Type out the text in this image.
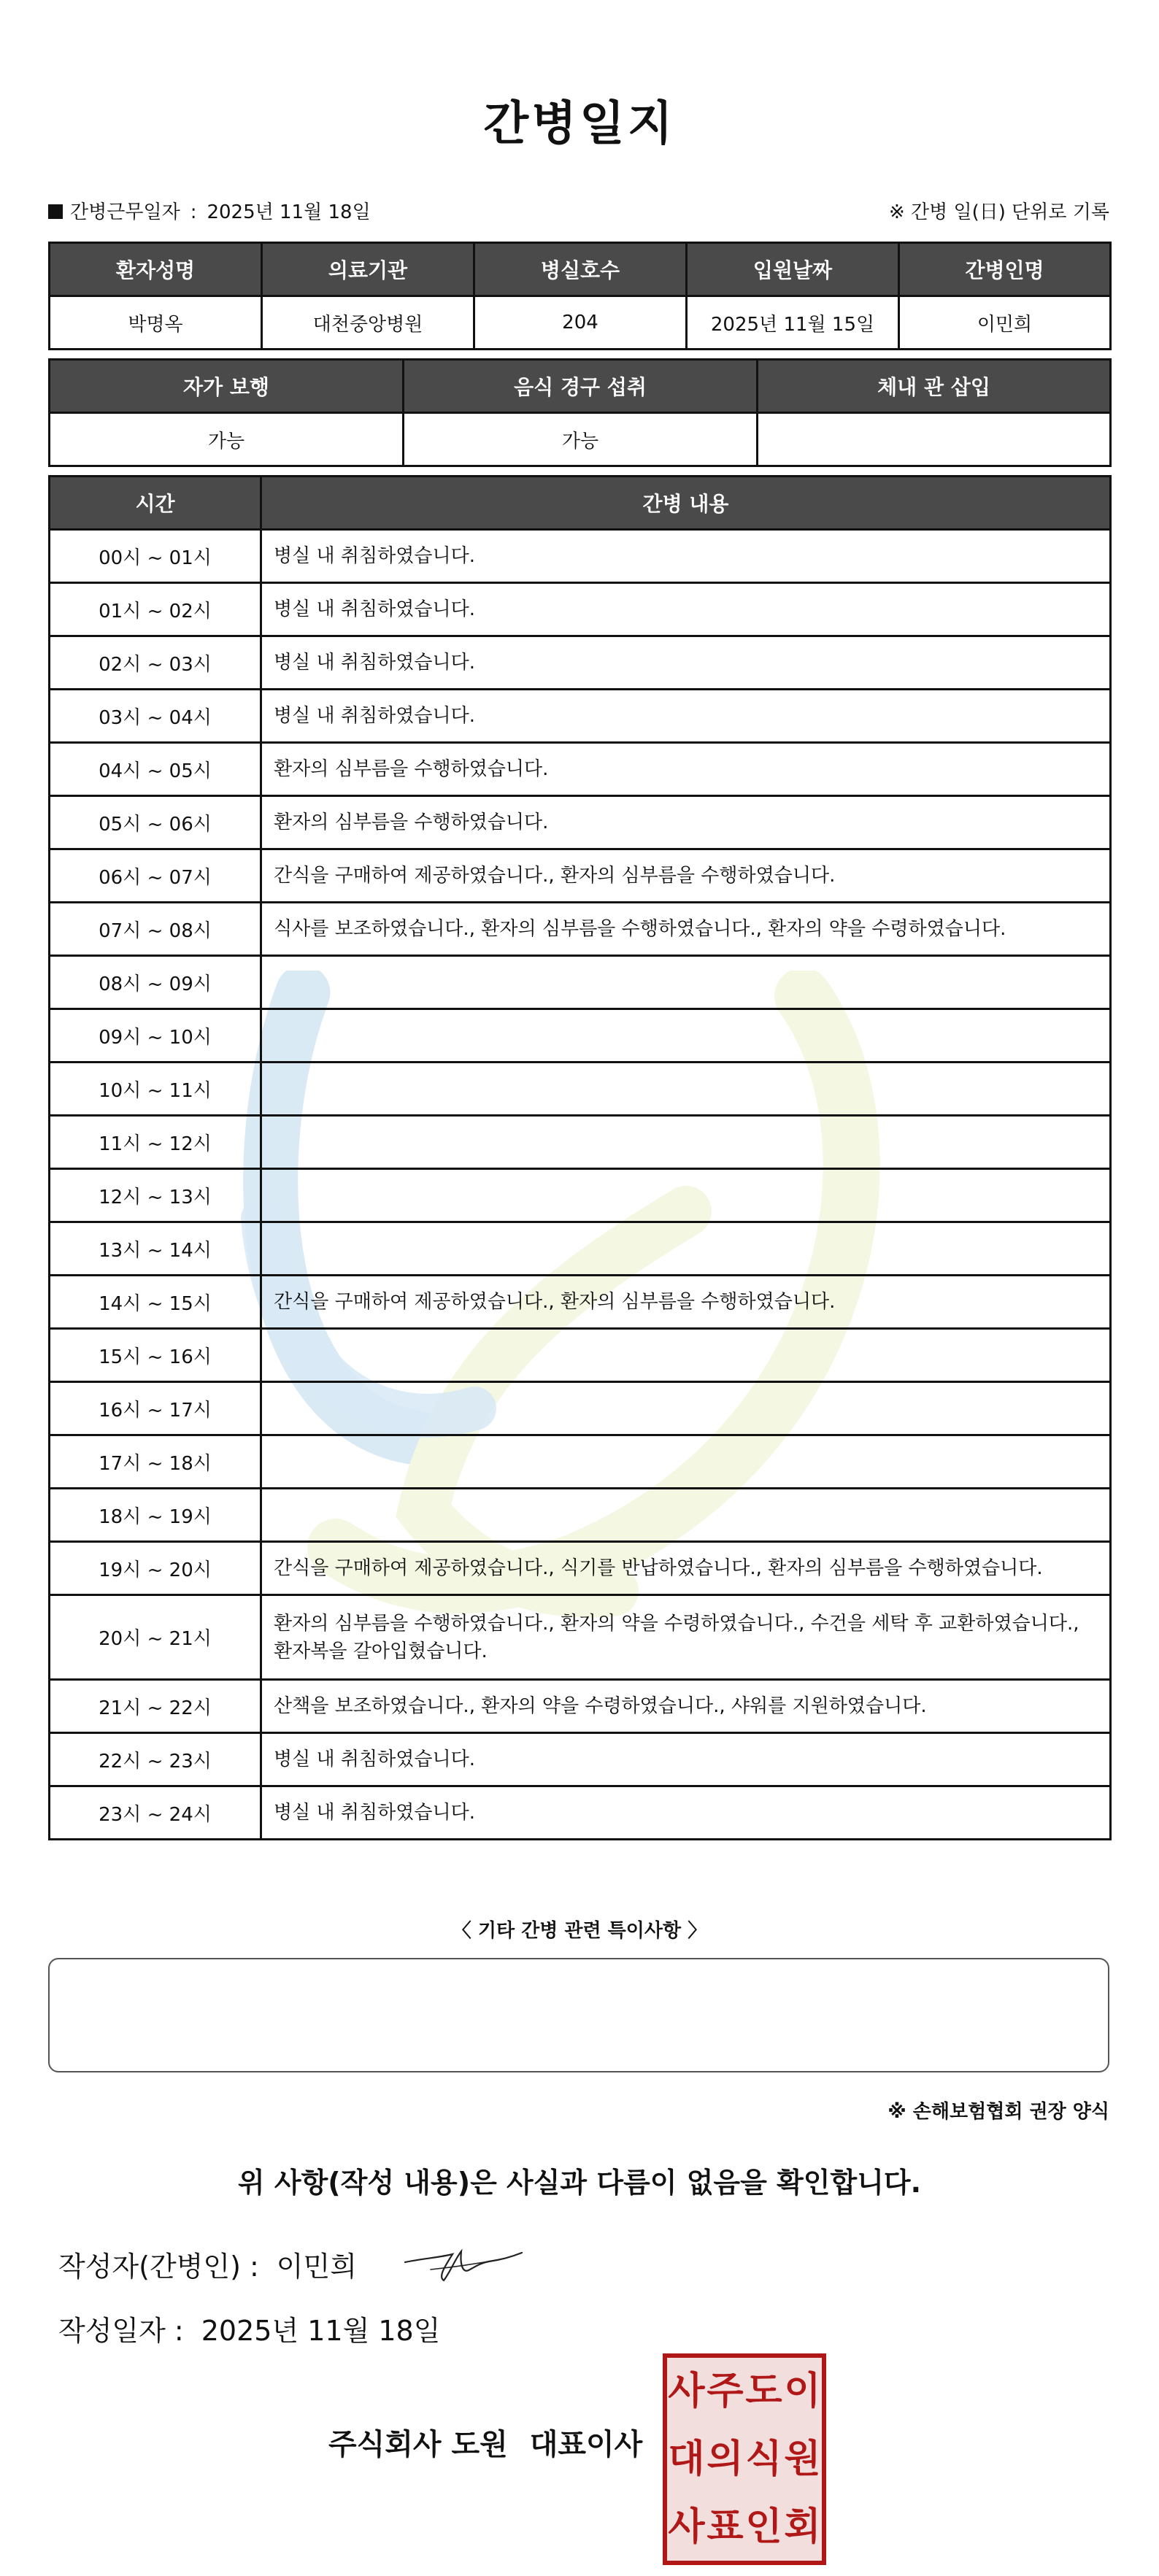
간병일지
간병근무일자 : 2025년 11월 18일	※ 간병 일(日) 단위로 기록
환자성명	의료기관	병실호수	입원날짜	간병인명
박명옥	대천중앙병원	204	2025년 11월 15일	이민희
자가 보행	음식 경구 섭취	체내 관 삽입
가능	가능	
시간	간병 내용
00시 ~ 01시	병실 내 취침하였습니다.
01시 ~ 02시	병실 내 취침하였습니다.
02시 ~ 03시	병실 내 취침하였습니다.
03시 ~ 04시	병실 내 취침하였습니다.
04시 ~ 05시	환자의 심부름을 수행하였습니다.
05시 ~ 06시	환자의 심부름을 수행하였습니다.
06시 ~ 07시	간식을 구매하여 제공하였습니다., 환자의 심부름을 수행하였습니다.
07시 ~ 08시	식사를 보조하였습니다., 환자의 심부름을 수행하였습니다., 환자의 약을 수령하였습니다.
08시 ~ 09시	
09시 ~ 10시	
10시 ~ 11시	
11시 ~ 12시	
12시 ~ 13시	
13시 ~ 14시	
14시 ~ 15시	간식을 구매하여 제공하였습니다., 환자의 심부름을 수행하였습니다.
15시 ~ 16시	
16시 ~ 17시	
17시 ~ 18시	
18시 ~ 19시	
19시 ~ 20시	간식을 구매하여 제공하였습니다., 식기를 반납하였습니다., 환자의 심부름을 수행하였습니다.
20시 ~ 21시	환자의 심부름을 수행하였습니다., 환자의 약을 수령하였습니다., 수건을 세탁 후 교환하였습니다., 환자복을 갈아입혔습니다.
21시 ~ 22시	산책을 보조하였습니다., 환자의 약을 수령하였습니다., 샤워를 지원하였습니다.
22시 ~ 23시	병실 내 취침하였습니다.
23시 ~ 24시	병실 내 취침하였습니다.
〈 기타 간병 관련 특이사항 〉
※ 손해보험협회 권장 양식
위 사항(작성 내용)은 사실과 다름이 없음을 확인합니다.
작성자(간병인) : 이민희
작성일자 : 2025년 11월 18일
주식회사 도원 대표이사
사 주 도 이
대 의 식 원
사 표 인 회
